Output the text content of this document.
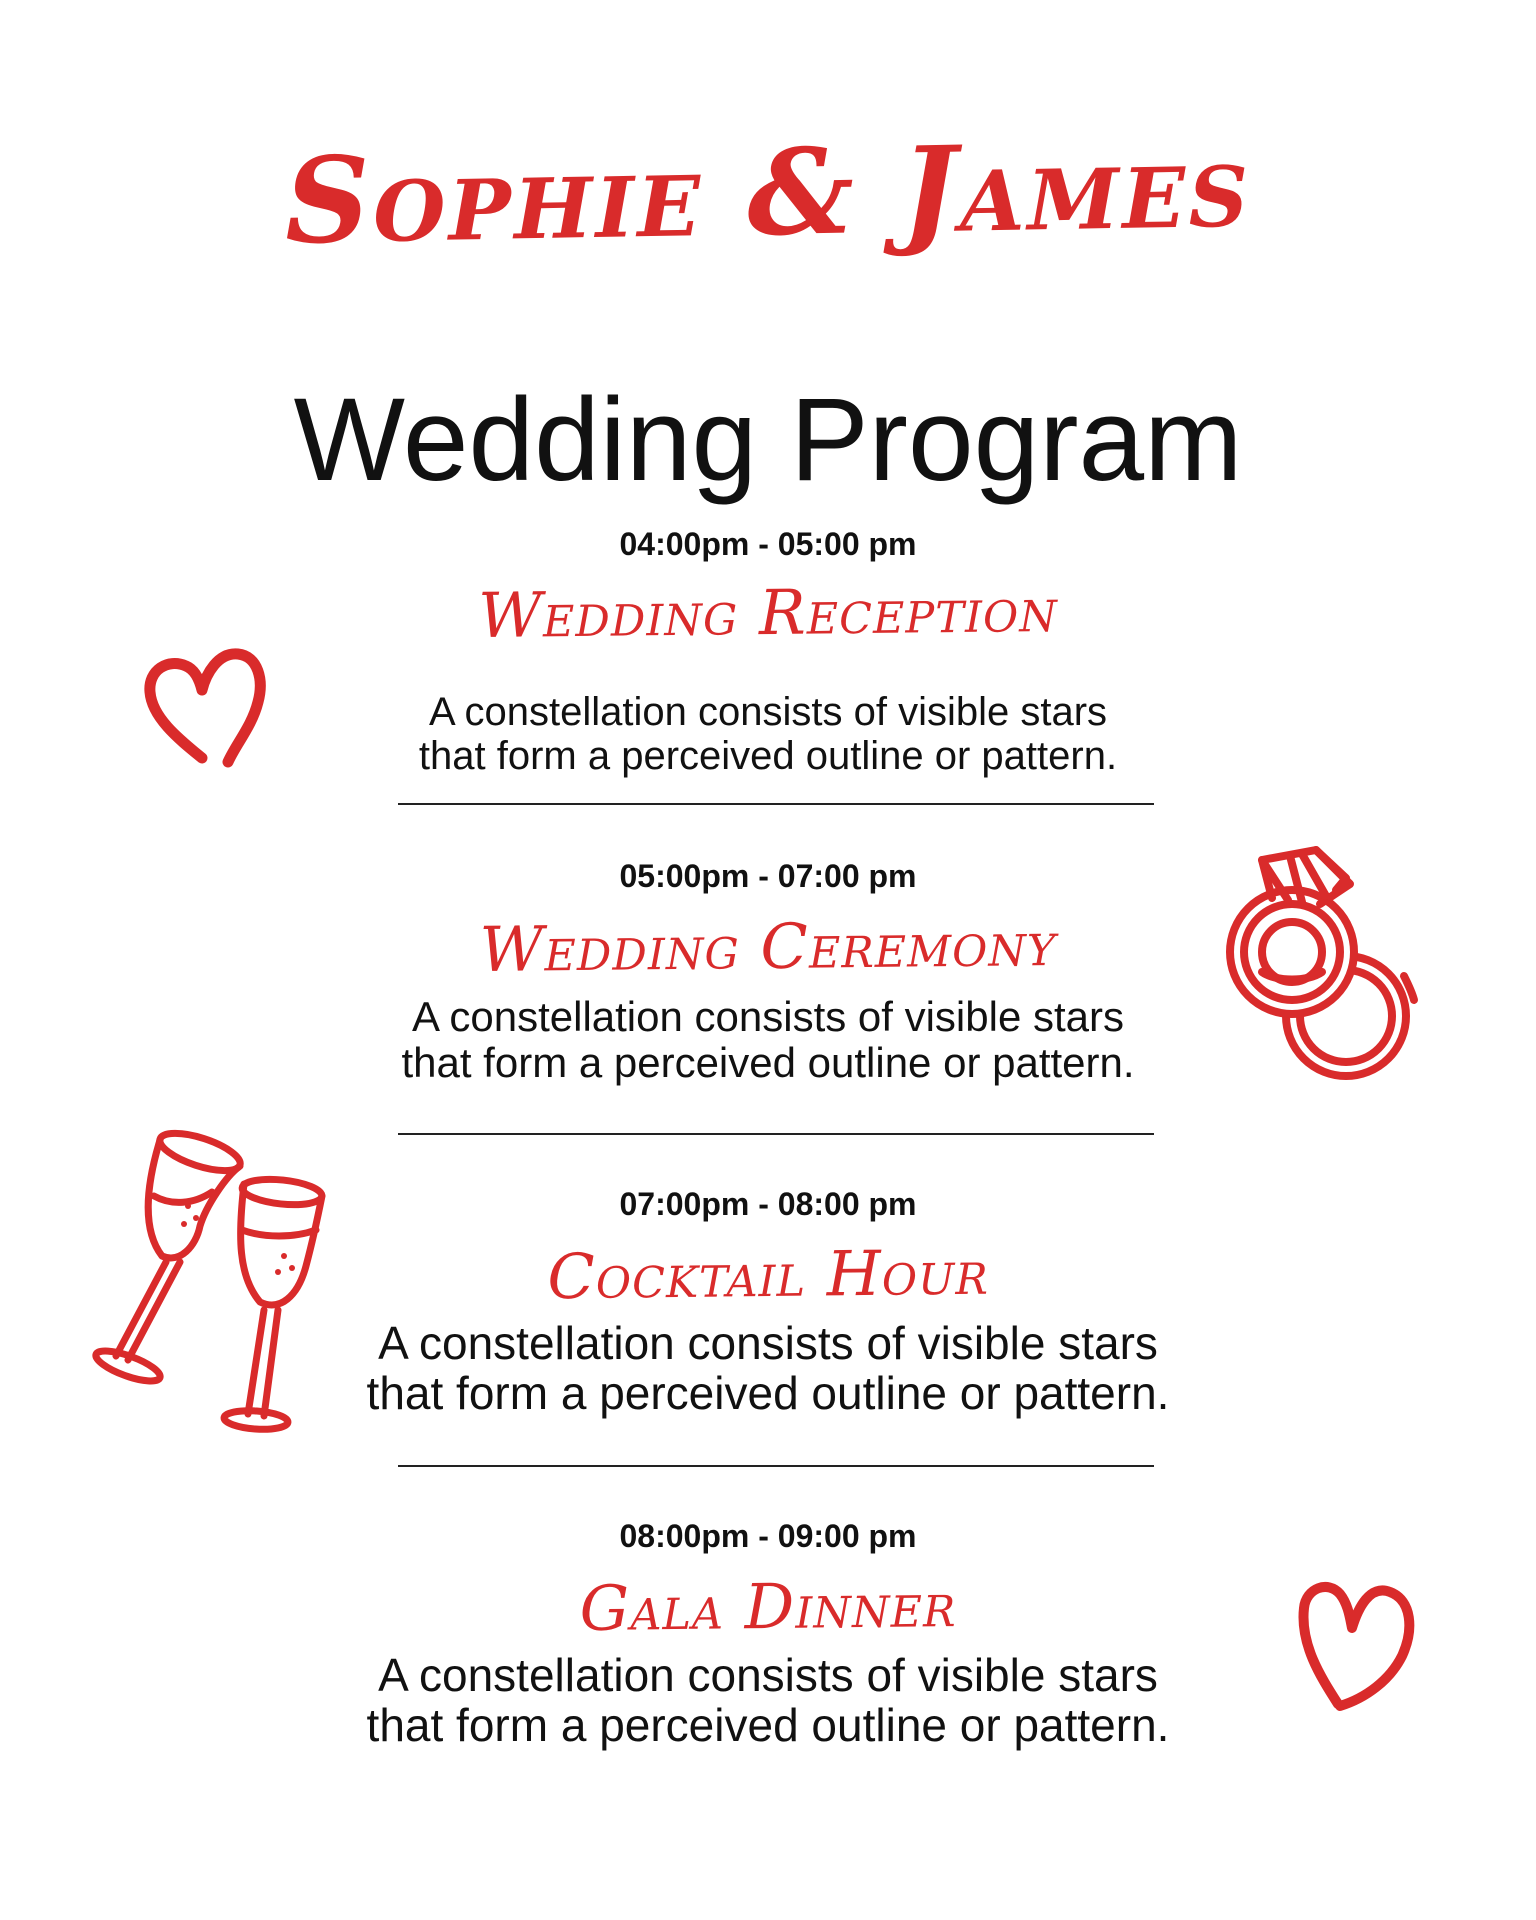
Sophie & James
Wedding Program
04:00pm - 05:00 pm
Wedding Reception
A constellation consists of visible stars
that form a perceived outline or pattern.
05:00pm - 07:00 pm
Wedding Ceremony
A constellation consists of visible stars
that form a perceived outline or pattern.
07:00pm - 08:00 pm
Cocktail Hour
A constellation consists of visible stars
that form a perceived outline or pattern.
08:00pm - 09:00 pm
Gala Dinner
A constellation consists of visible stars
that form a perceived outline or pattern.
